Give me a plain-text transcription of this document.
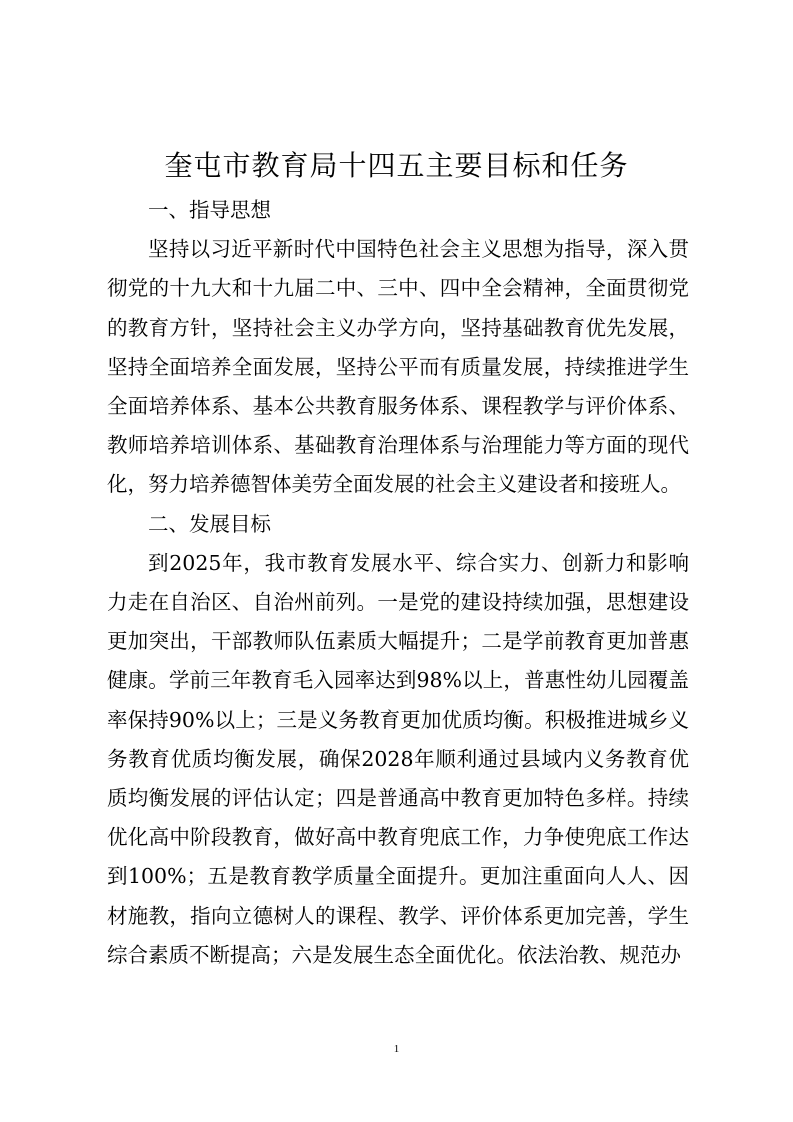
奎屯市教育局十四五主要目标和任务
一、指导思想

坚持以习近平新时代中国特色社会主义思想为指导，深入贯彻党的十九大和十九届二中、三中、四中全会精神，全面贯彻党的教育方针，坚持社会主义办学方向，坚持基础教育优先发展，坚持全面培养全面发展，坚持公平而有质量发展，持续推进学生全面培养体系、基本公共教育服务体系、课程教学与评价体系、教师培养培训体系、基础教育治理体系与治理能力等方面的现代化，努力培养德智体美劳全面发展的社会主义建设者和接班人。

二、发展目标

到2025年，我市教育发展水平、综合实力、创新力和影响力走在自治区、自治州前列。一是党的建设持续加强，思想建设更加突出，干部教师队伍素质大幅提升；二是学前教育更加普惠健康。学前三年教育毛入园率达到98%以上，普惠性幼儿园覆盖率保持90%以上；三是义务教育更加优质均衡。积极推进城乡义务教育优质均衡发展，确保2028年顺利通过县域内义务教育优质均衡发展的评估认定；四是普通高中教育更加特色多样。持续优化高中阶段教育，做好高中教育兜底工作，力争使兜底工作达到100%；五是教育教学质量全面提升。更加注重面向人人、因材施教，指向立德树人的课程、教学、评价体系更加完善，学生综合素质不断提高；六是发展生态全面优化。依法治教、规范办

1
